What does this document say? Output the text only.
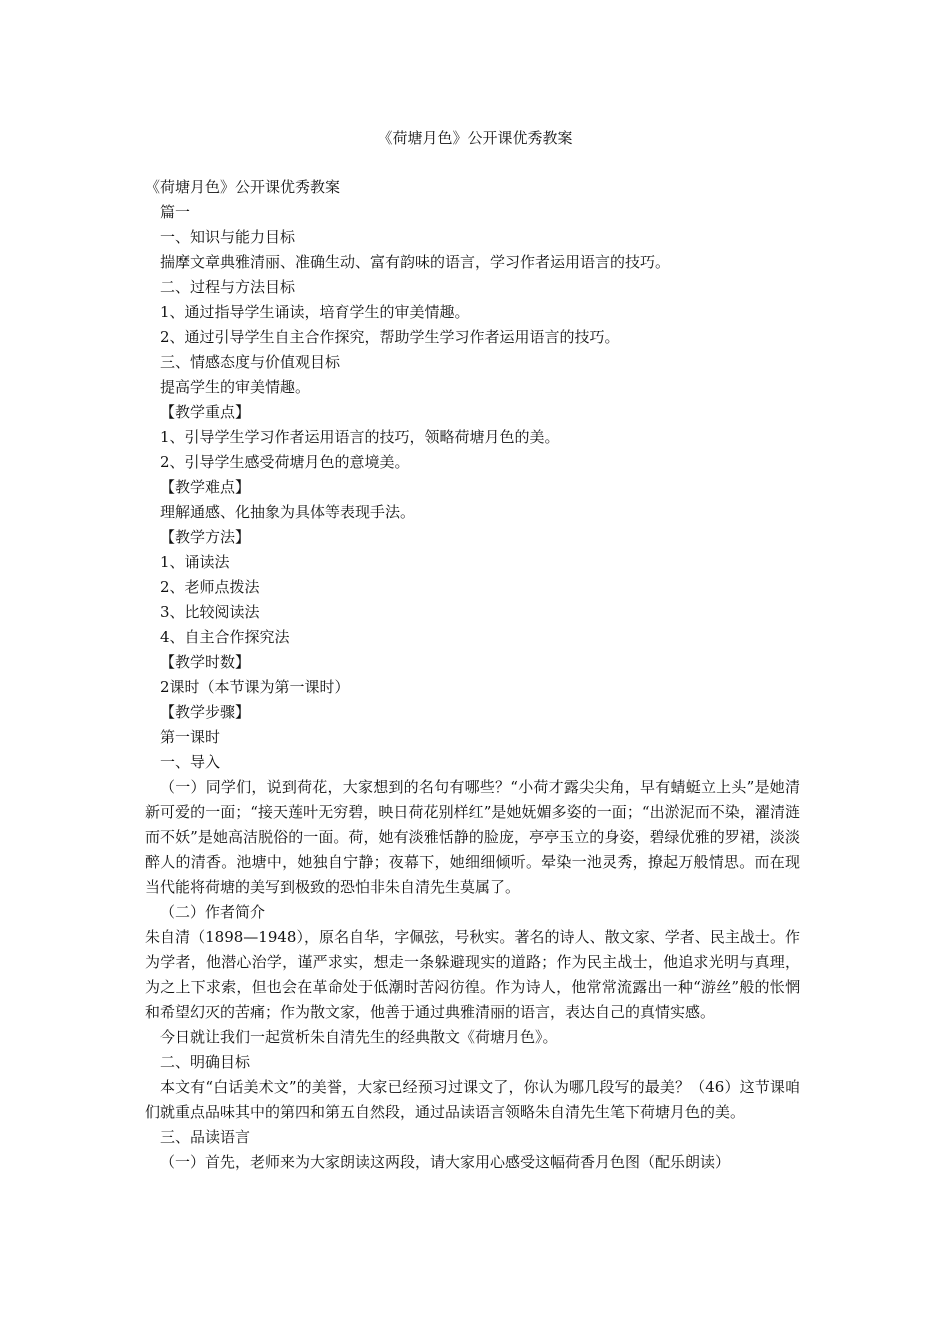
《荷塘月色》公开课优秀教案
《荷塘月色》公开课优秀教案
篇一
一、知识与能力目标
揣摩文章典雅清丽、准确生动、富有韵味的语言，学习作者运用语言的技巧。
二、过程与方法目标
1、通过指导学生诵读，培育学生的审美情趣。
2、通过引导学生自主合作探究，帮助学生学习作者运用语言的技巧。
三、情感态度与价值观目标
提高学生的审美情趣。
【教学重点】
1、引导学生学习作者运用语言的技巧，领略荷塘月色的美。
2、引导学生感受荷塘月色的意境美。
【教学难点】
理解通感、化抽象为具体等表现手法。
【教学方法】
1、诵读法
2、老师点拨法
3、比较阅读法
4、自主合作探究法
【教学时数】
2课时（本节课为第一课时）
【教学步骤】
第一课时
一、导入
（一）同学们，说到荷花，大家想到的名句有哪些？“小荷才露尖尖角，早有蜻蜓立上头”是她清新可爱的一面；“接天莲叶无穷碧，映日荷花别样红”是她妩媚多姿的一面；“出淤泥而不染，濯清涟而不妖”是她高洁脱俗的一面。荷，她有淡雅恬静的脸庞，亭亭玉立的身姿，碧绿优雅的罗裙，淡淡醉人的清香。池塘中，她独自宁静；夜幕下，她细细倾听。晕染一池灵秀，撩起万般情思。而在现当代能将荷塘的美写到极致的恐怕非朱自清先生莫属了。
（二）作者简介
朱自清（1898—1948），原名自华，字佩弦，号秋实。著名的诗人、散文家、学者、民主战士。作为学者，他潜心治学，谨严求实，想走一条躲避现实的道路；作为民主战士，他追求光明与真理，为之上下求索，但也会在革命处于低潮时苦闷彷徨。作为诗人，他常常流露出一种“游丝”般的怅惘和希望幻灭的苦痛；作为散文家，他善于通过典雅清丽的语言，表达自己的真情实感。
今日就让我们一起赏析朱自清先生的经典散文《荷塘月色》。
二、明确目标
本文有“白话美术文”的美誉，大家已经预习过课文了，你认为哪几段写的最美？（46）这节课咱们就重点品味其中的第四和第五自然段，通过品读语言领略朱自清先生笔下荷塘月色的美。
三、品读语言
（一）首先，老师来为大家朗读这两段，请大家用心感受这幅荷香月色图（配乐朗读）
